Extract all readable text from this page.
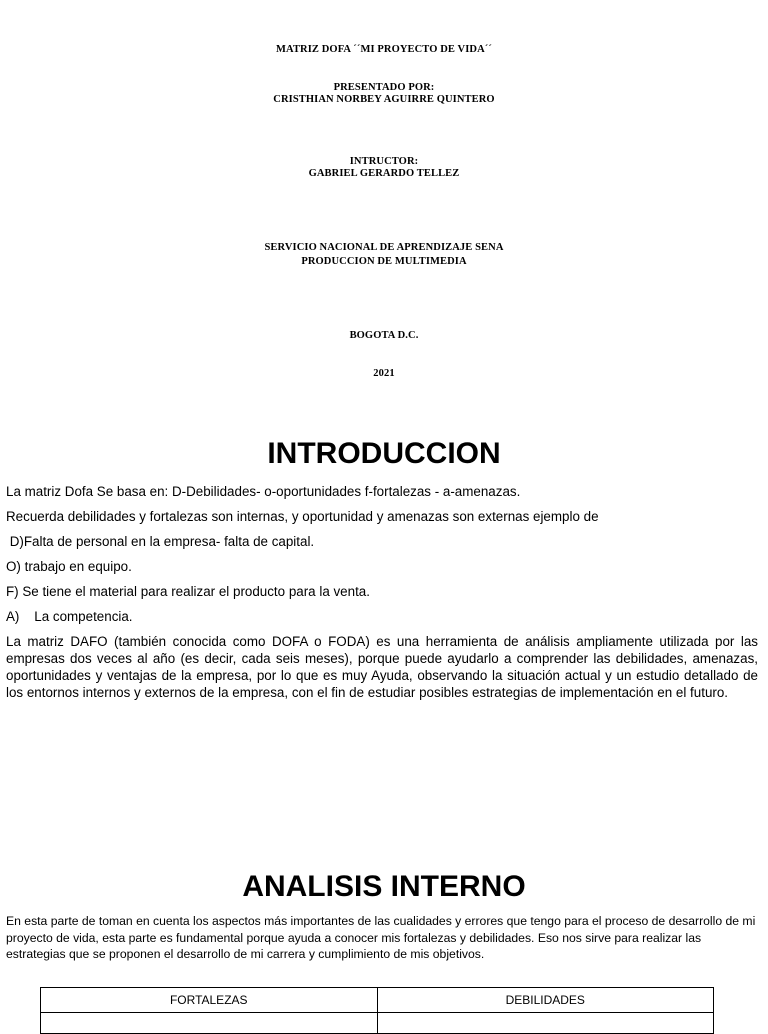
MATRIZ DOFA ´´MI PROYECTO DE VIDA´´
PRESENTADO POR:
CRISTHIAN NORBEY AGUIRRE QUINTERO
INTRUCTOR:
GABRIEL GERARDO TELLEZ
SERVICIO NACIONAL DE APRENDIZAJE SENA
PRODUCCION DE MULTIMEDIA
BOGOTA D.C.
2021
INTRODUCCION
La matriz Dofa Se basa en: D-Debilidades- o-oportunidades f-fortalezas - a-amenazas.
Recuerda debilidades y fortalezas son internas, y oportunidad y amenazas son externas ejemplo de
D)Falta de personal en la empresa- falta de capital.
O) trabajo en equipo.
F) Se tiene el material para realizar el producto para la venta.
A)    La competencia.
La matriz DAFO (también conocida como DOFA o FODA) es una herramienta de análisis ampliamente utilizada por las empresas dos veces al año (es decir, cada seis meses), porque puede ayudarlo a comprender las debilidades, amenazas, oportunidades y ventajas de la empresa, por lo que es muy Ayuda, observando la situación actual y un estudio detallado de los entornos internos y externos de la empresa, con el fin de estudiar posibles estrategias de implementación en el futuro.
ANALISIS INTERNO
En esta parte de toman en cuenta los aspectos más importantes de las cualidades y errores que tengo para el proceso de desarrollo de mi proyecto de vida, esta parte es fundamental porque ayuda a conocer mis fortalezas y debilidades. Eso nos sirve para realizar las estrategias que se proponen el desarrollo de mi carrera y cumplimiento de mis objetivos.
FORTALEZAS	DEBILIDADES
